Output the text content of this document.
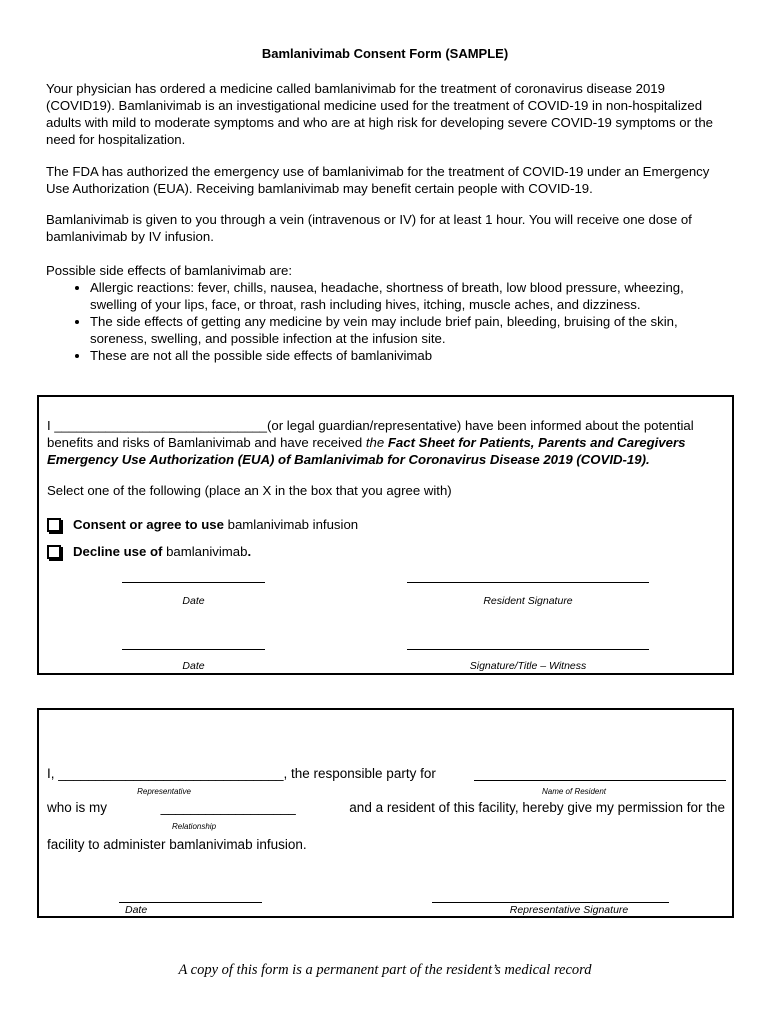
Bamlanivimab Consent Form (SAMPLE)
Your physician has ordered a medicine called bamlanivimab for the treatment of coronavirus disease 2019 (COVID19). Bamlanivimab is an investigational medicine used for the treatment of COVID-19 in non-hospitalized adults with mild to moderate symptoms and who are at high risk for developing severe COVID-19 symptoms or the need for hospitalization.
The FDA has authorized the emergency use of bamlanivimab for the treatment of COVID-19 under an Emergency Use Authorization (EUA). Receiving bamlanivimab may benefit certain people with COVID-19.
Bamlanivimab is given to you through a vein (intravenous or IV) for at least 1 hour. You will receive one dose of bamlanivimab by IV infusion.
Possible side effects of bamlanivimab are:
• Allergic reactions: fever, chills, nausea, headache, shortness of breath, low blood pressure, wheezing, swelling of your lips, face, or throat, rash including hives, itching, muscle aches, and dizziness.
• The side effects of getting any medicine by vein may include brief pain, bleeding, bruising of the skin, soreness, swelling, and possible infection at the infusion site.
• These are not all the possible side effects of bamlanivimab
I _____________________________(or legal guardian/representative) have been informed about the potential benefits and risks of Bamlanivimab and have received the Fact Sheet for Patients, Parents and Caregivers Emergency Use Authorization (EUA) of Bamlanivimab for Coronavirus Disease 2019 (COVID-19).
Select one of the following (place an X in the box that you agree with)
Consent or agree to use bamlanivimab infusion
Decline use of bamlanivimab .
Date	Resident Signature
Date	Signature/Title – Witness
I, ______________________________, the responsible party for
Representative	Name of Resident
who is my	__________________	and a resident of this facility, hereby give my permission for the
Relationship
facility to administer bamlanivimab infusion.
Date	Representative Signature
A copy of this form is a permanent part of the resident’s medical record
